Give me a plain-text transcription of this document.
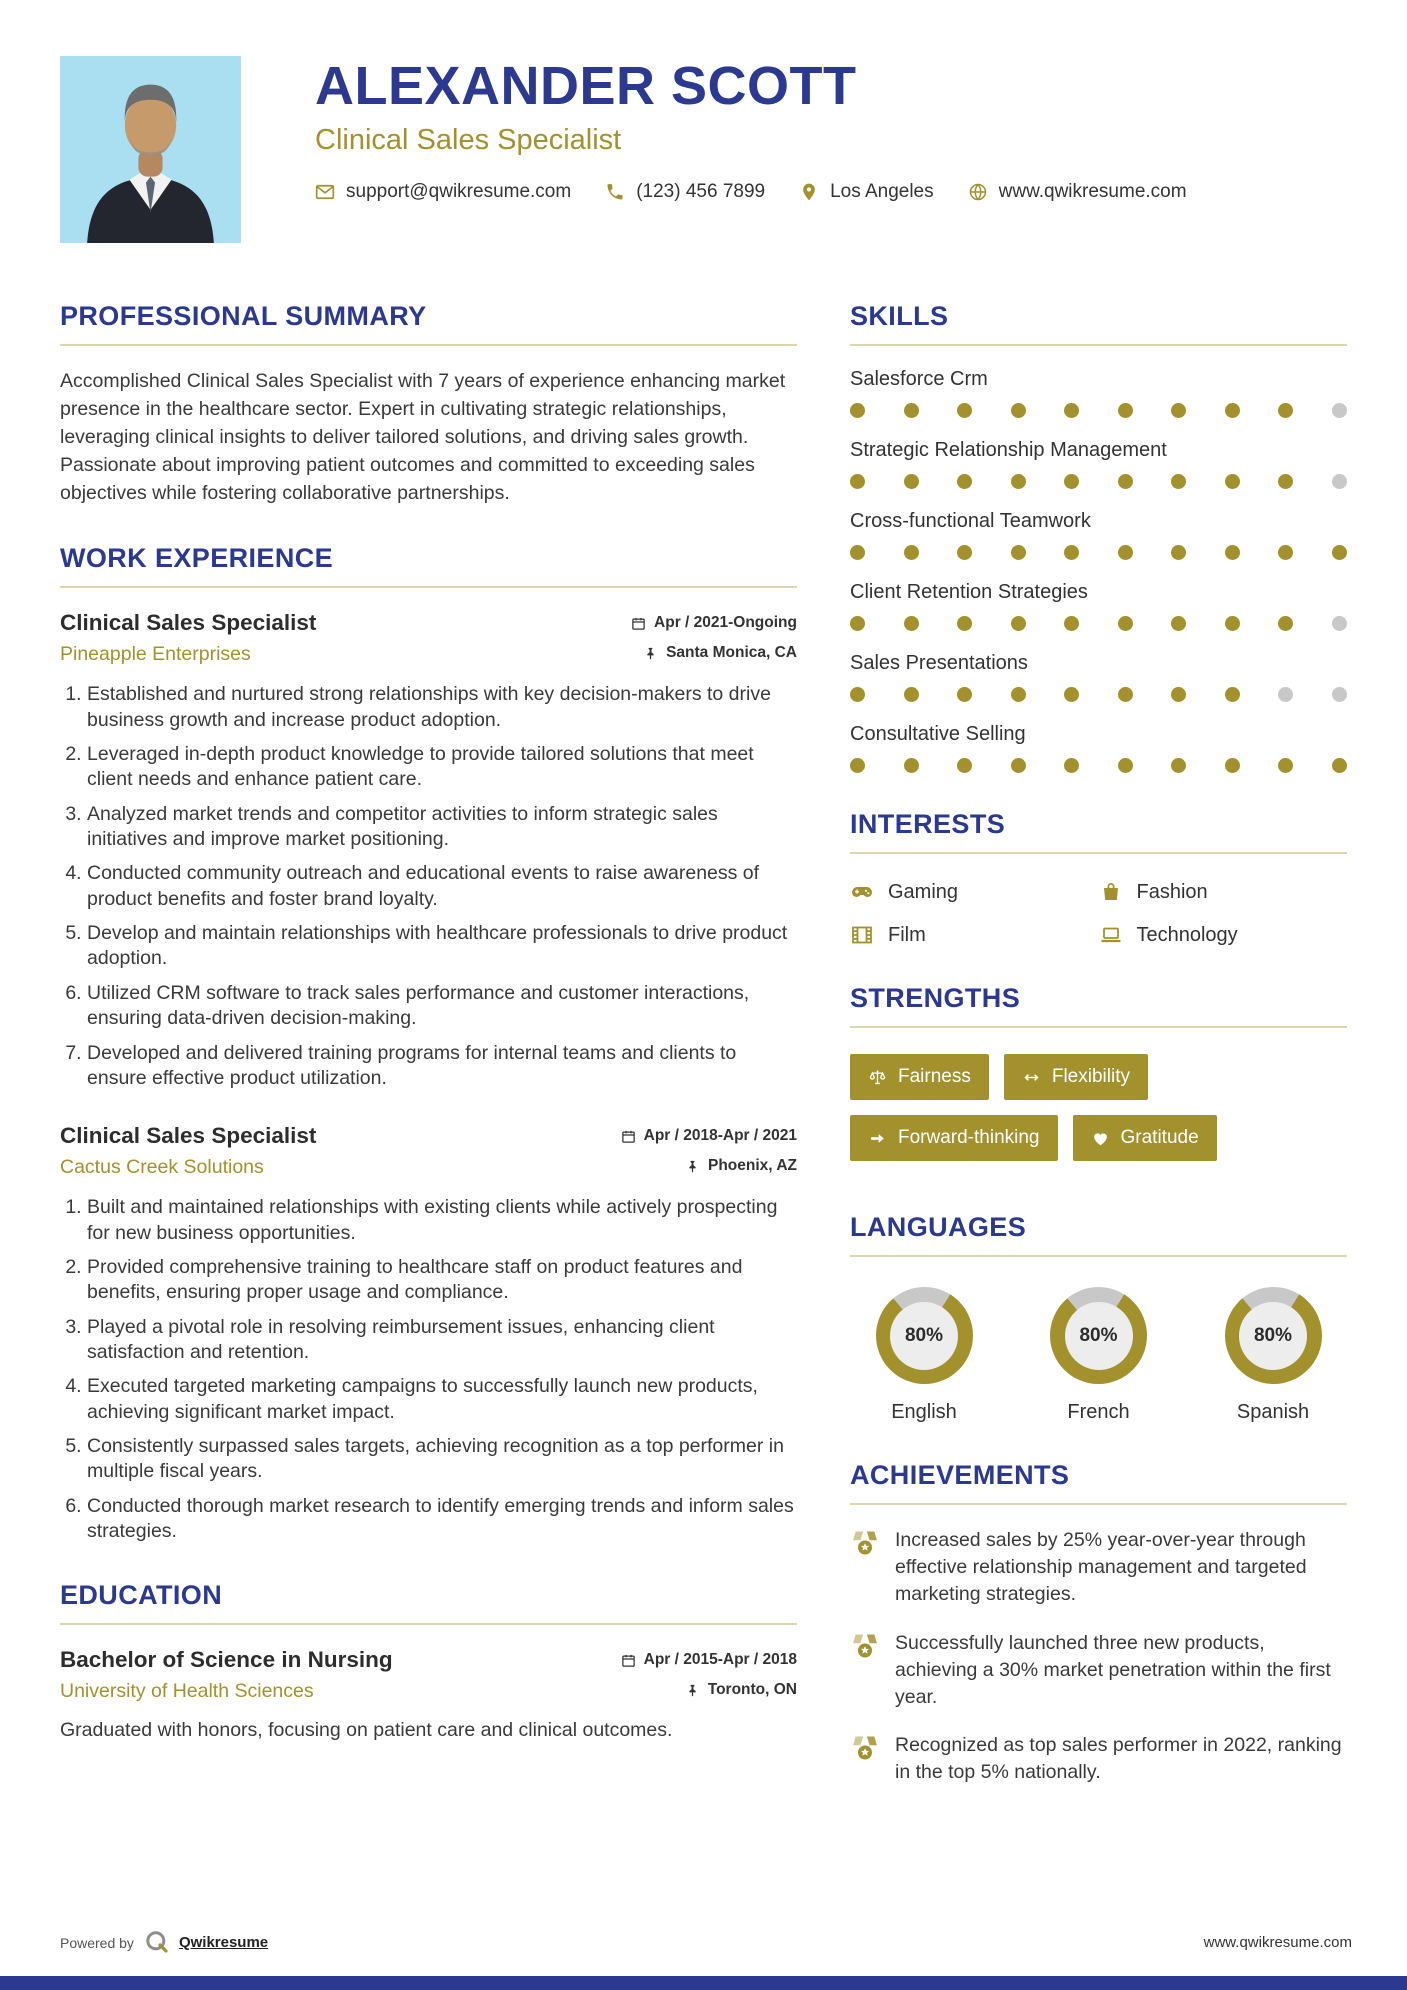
ALEXANDER SCOTT
Clinical Sales Specialist
support@qwikresume.com	(123) 456 7899	Los Angeles	www.qwikresume.com
PROFESSIONAL SUMMARY

Accomplished Clinical Sales Specialist with 7 years of experience enhancing market presence in the healthcare sector. Expert in cultivating strategic relationships, leveraging clinical insights to deliver tailored solutions, and driving sales growth. Passionate about improving patient outcomes and committed to exceeding sales objectives while fostering collaborative partnerships.

WORK EXPERIENCE
Clinical Sales Specialist	Apr / 2021-Ongoing
Pineapple Enterprises	Santa Monica, CA
1. Established and nurtured strong relationships with key decision-makers to drive business growth and increase product adoption.
2. Leveraged in-depth product knowledge to provide tailored solutions that meet client needs and enhance patient care.
3. Analyzed market trends and competitor activities to inform strategic sales initiatives and improve market positioning.
4. Conducted community outreach and educational events to raise awareness of product benefits and foster brand loyalty.
5. Develop and maintain relationships with healthcare professionals to drive product adoption.
6. Utilized CRM software to track sales performance and customer interactions, ensuring data-driven decision-making.
7. Developed and delivered training programs for internal teams and clients to ensure effective product utilization.
Clinical Sales Specialist	Apr / 2018-Apr / 2021
Cactus Creek Solutions	Phoenix, AZ
1. Built and maintained relationships with existing clients while actively prospecting for new business opportunities.
2. Provided comprehensive training to healthcare staff on product features and benefits, ensuring proper usage and compliance.
3. Played a pivotal role in resolving reimbursement issues, enhancing client satisfaction and retention.
4. Executed targeted marketing campaigns to successfully launch new products, achieving significant market impact.
5. Consistently surpassed sales targets, achieving recognition as a top performer in multiple fiscal years.
6. Conducted thorough market research to identify emerging trends and inform sales strategies.
EDUCATION
Bachelor of Science in Nursing	Apr / 2015-Apr / 2018
University of Health Sciences	Toronto, ON

Graduated with honors, focusing on patient care and clinical outcomes.

SKILLS
Salesforce Crm
Strategic Relationship Management
Cross-functional Teamwork
Client Retention Strategies
Sales Presentations
Consultative Selling
INTERESTS
Gaming	Fashion
Film	Technology
STRENGTHS
Fairness	Flexibility
Forward-thinking	Gratitude
LANGUAGES
80%
English
80%
French
80%
Spanish
ACHIEVEMENTS
Increased sales by 25% year-over-year through effective relationship management and targeted marketing strategies.
Successfully launched three new products, achieving a 30% market penetration within the first year.
Recognized as top sales performer in 2022, ranking in the top 5% nationally.
Powered by	Qwikresume	www.qwikresume.com
